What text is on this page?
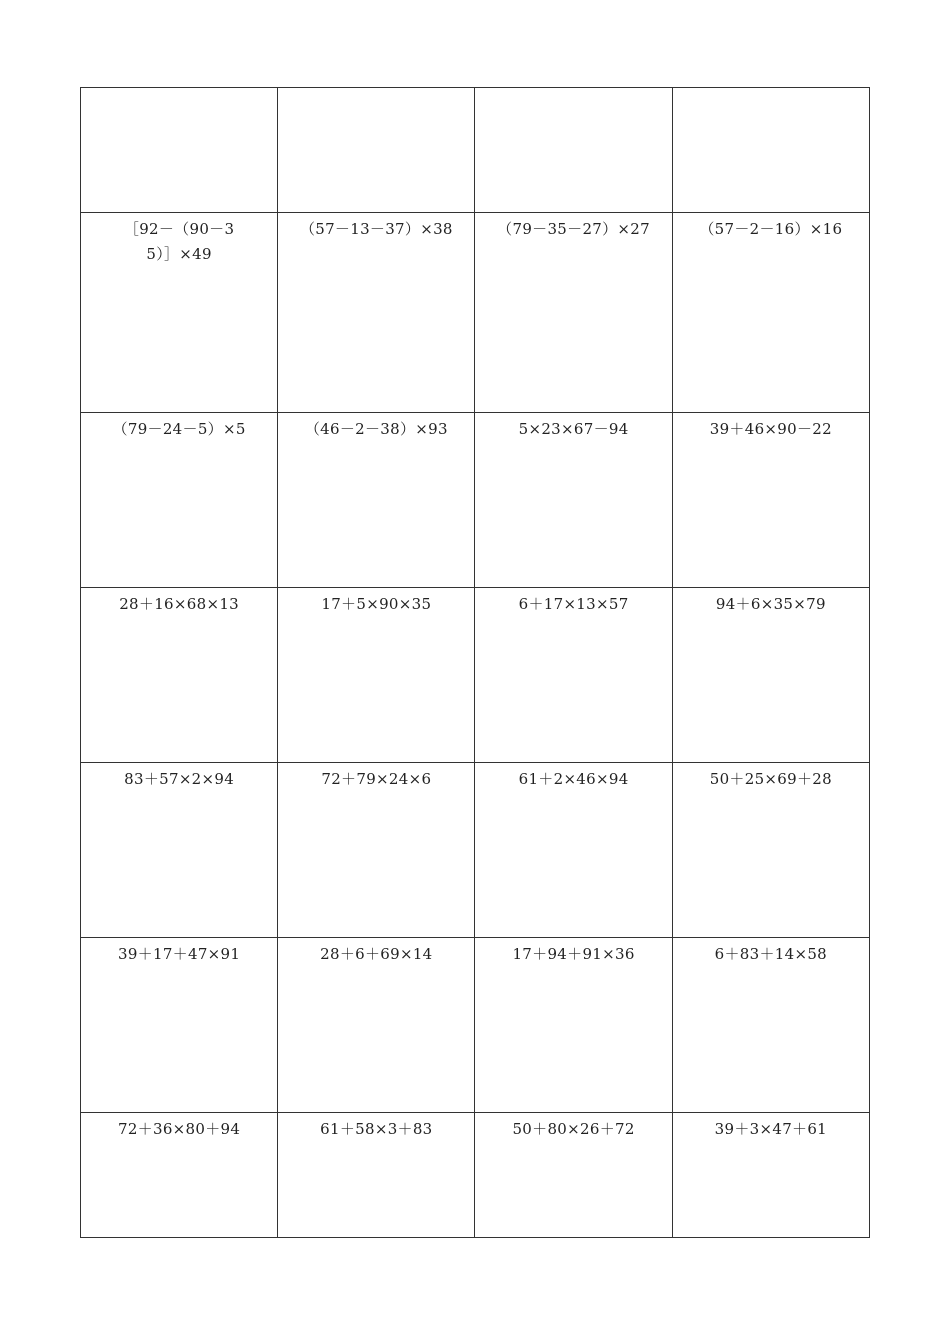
［92－（90－35）］×49	（57－13－37）×38	（79－35－27）×27	（57－2－16）×16
（79－24－5）×5	（46－2－38）×93	5×23×67－94	39＋46×90－22
28＋16×68×13	17＋5×90×35	6＋17×13×57	94＋6×35×79
83＋57×2×94	72＋79×24×6	61＋2×46×94	50＋25×69＋28
39＋17＋47×91	28＋6＋69×14	17＋94＋91×36	6＋83＋14×58
72＋36×80＋94	61＋58×3＋83	50＋80×26＋72	39＋3×47＋61
